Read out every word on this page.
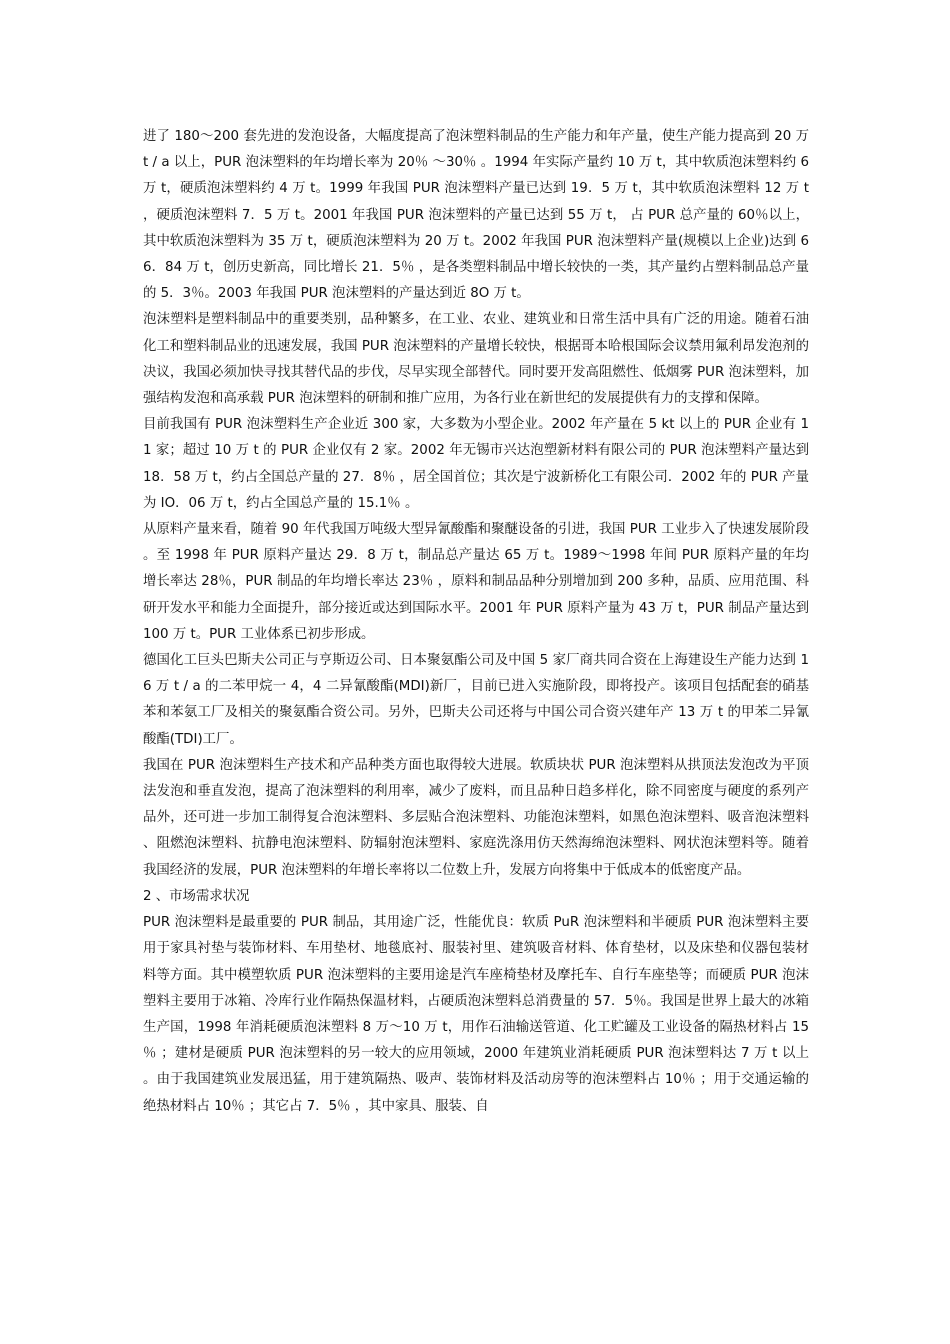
进了 180～200 套先进的发泡设备，大幅度提高了泡沫塑料制品的生产能力和年产量，使生产能力提高到 20 万 t / a 以上，PUR 泡沫塑料的年均增长率为 20％ ～30％ 。1994 年实际产量约 10 万 t，其中软质泡沫塑料约 6 万 t，硬质泡沫塑料约 4 万 t。1999 年我国 PUR 泡沫塑料产量已达到 19．5 万 t，其中软质泡沫塑料 12 万 t，硬质泡沫塑料 7．5 万 t。2001 年我国 PUR 泡沫塑料的产量已达到 55 万 t， 占 PUR 总产量的 60％以上，其中软质泡沫塑料为 35 万 t，硬质泡沫塑料为 20 万 t。2002 年我国 PUR 泡沫塑料产量(规模以上企业)达到 66．84 万 t，创历史新高，同比增长 21．5％ ，是各类塑料制品中增长较快的一类，其产量约占塑料制品总产量的 5．3％。2003 年我国 PUR 泡沫塑料的产量达到近 8O 万 t。

泡沫塑料是塑料制品中的重要类别，品种繁多，在工业、农业、建筑业和日常生活中具有广泛的用途。随着石油化工和塑料制品业的迅速发展，我国 PUR 泡沫塑料的产量增长较快，根据哥本哈根国际会议禁用氟利昂发泡剂的决议，我国必须加快寻找其替代品的步伐，尽早实现全部替代。同时要开发高阻燃性、低烟雾 PUR 泡沫塑料，加强结构发泡和高承载 PUR 泡沫塑料的研制和推广应用，为各行业在新世纪的发展提供有力的支撑和保障。

目前我国有 PUR 泡沫塑料生产企业近 300 家，大多数为小型企业。2002 年产量在 5 kt 以上的 PUR 企业有 11 家；超过 10 万 t 的 PUR 企业仅有 2 家。2002 年无锡市兴达泡塑新材料有限公司的 PUR 泡沫塑料产量达到 18．58 万 t，约占全国总产量的 27．8％ ，居全国首位；其次是宁波新桥化工有限公司．2002 年的 PUR 产量为 IO．06 万 t，约占全国总产量的 15.1％ 。

从原料产量来看，随着 90 年代我国万吨级大型异氰酸酯和聚醚设备的引进，我国 PUR 工业步入了快速发展阶段。至 1998 年 PUR 原料产量达 29．8 万 t，制品总产量达 65 万 t。1989～1998 年间 PUR 原料产量的年均增长率达 28％，PUR 制品的年均增长率达 23％ ，原料和制品品种分别增加到 200 多种，品质、应用范围、科研开发水平和能力全面提升，部分接近或达到国际水平。2001 年 PUR 原料产量为 43 万 t，PUR 制品产量达到 100 万 t。PUR 工业体系已初步形成。

德国化工巨头巴斯夫公司正与亨斯迈公司、日本聚氨酯公司及中国 5 家厂商共同合资在上海建设生产能力达到 16 万 t / a 的二苯甲烷一 4，4 二异氰酸酯(MDI)新厂，目前已进入实施阶段，即将投产。该项目包括配套的硝基苯和苯氨工厂及相关的聚氨酯合资公司。另外，巴斯夫公司还将与中国公司合资兴建年产 13 万 t 的甲苯二异氰酸酯(TDI)工厂。

我国在 PUR 泡沫塑料生产技术和产品种类方面也取得较大进展。软质块状 PUR 泡沫塑料从拱顶法发泡改为平顶法发泡和垂直发泡，提高了泡沫塑料的利用率，减少了废料，而且品种日趋多样化，除不同密度与硬度的系列产品外，还可进一步加工制得复合泡沫塑料、多层贴合泡沫塑料、功能泡沫塑料，如黑色泡沫塑料、吸音泡沫塑料、阻燃泡沫塑料、抗静电泡沫塑料、防辐射泡沫塑料、家庭洗涤用仿天然海绵泡沫塑料、网状泡沫塑料等。随着我国经济的发展，PUR 泡沫塑料的年增长率将以二位数上升，发展方向将集中于低成本的低密度产品。

2 、市场需求状况

PUR 泡沫塑料是最重要的 PUR 制品，其用途广泛，性能优良：软质 PuR 泡沫塑料和半硬质 PUR 泡沫塑料主要用于家具衬垫与装饰材料、车用垫材、地毯底衬、服装衬里、建筑吸音材料、体育垫材，以及床垫和仪器包装材料等方面。其中模塑软质 PUR 泡沫塑料的主要用途是汽车座椅垫材及摩托车、自行车座垫等；而硬质 PUR 泡沫塑料主要用于冰箱、冷库行业作隔热保温材料，占硬质泡沫塑料总消费量的 57．5％。我国是世界上最大的冰箱生产国，1998 年消耗硬质泡沫塑料 8 万～10 万 t，用作石油输送管道、化工贮罐及工业设备的隔热材料占 15％ ；建材是硬质 PUR 泡沫塑料的另一较大的应用领域，2000 年建筑业消耗硬质 PUR 泡沫塑料达 7 万 t 以上。由于我国建筑业发展迅猛，用于建筑隔热、吸声、装饰材料及活动房等的泡沫塑料占 10％ ；用于交通运输的绝热材料占 10％ ；其它占 7．5％ ，其中家具、服装、自
